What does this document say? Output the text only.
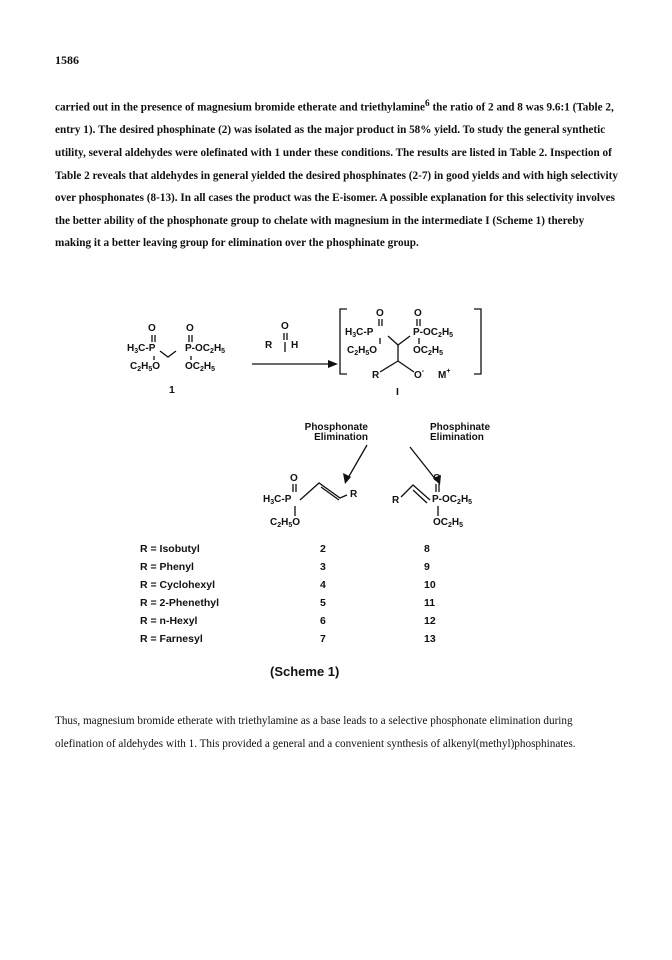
1586

carried out in the presence of magnesium bromide etherate and triethylamine$^6$ the ratio of 2 and 8 was 9.6:1 (Table 2, entry 1). The desired phosphinate (2) was isolated as the major product in 58% yield. To study the general synthetic utility, several aldehydes were olefinated with 1 under these conditions. The results are listed in Table 2. Inspection of Table 2 reveals that aldehydes in general yielded the desired phosphinates (2-7) in good yields and with high selectivity over phosphonates (8-13). In all cases the product was the E-isomer. A possible explanation for this selectivity involves the better ability of the phosphonate group to chelate with magnesium in the intermediate I (Scheme 1) thereby making it a better leaving group for elimination over the phosphinate group.

O	O
$H_3C-P$	$P-OC_2H_5$
$C_2H_5O$ $OC_2H_5$
1
O
R H
O	O
$H_3C-P$	$P-OC_2H_5$
$C_2H_5O$	$OC_2H_5$
R	O- M+
I
Phosphonate
Elimination
Phosphinate
Elimination
O
$H_3C-P$	R
$C_2H_5O$
R
O
$P-OC_2H_5$
$OC_2H_5$
R = Isobutyl	2	8
R = Phenyl	3	9
R = Cyclohexyl	4	10
R = 2-Phenethyl	5	11
R = n-Hexyl	6	12
R = Farnesyl	7	13
(Scheme 1)

Thus, magnesium bromide etherate with triethylamine as a base leads to a selective phosphonate elimination during olefination of aldehydes with 1. This provided a general and a convenient synthesis of alkenyl(methyl)phosphinates.
